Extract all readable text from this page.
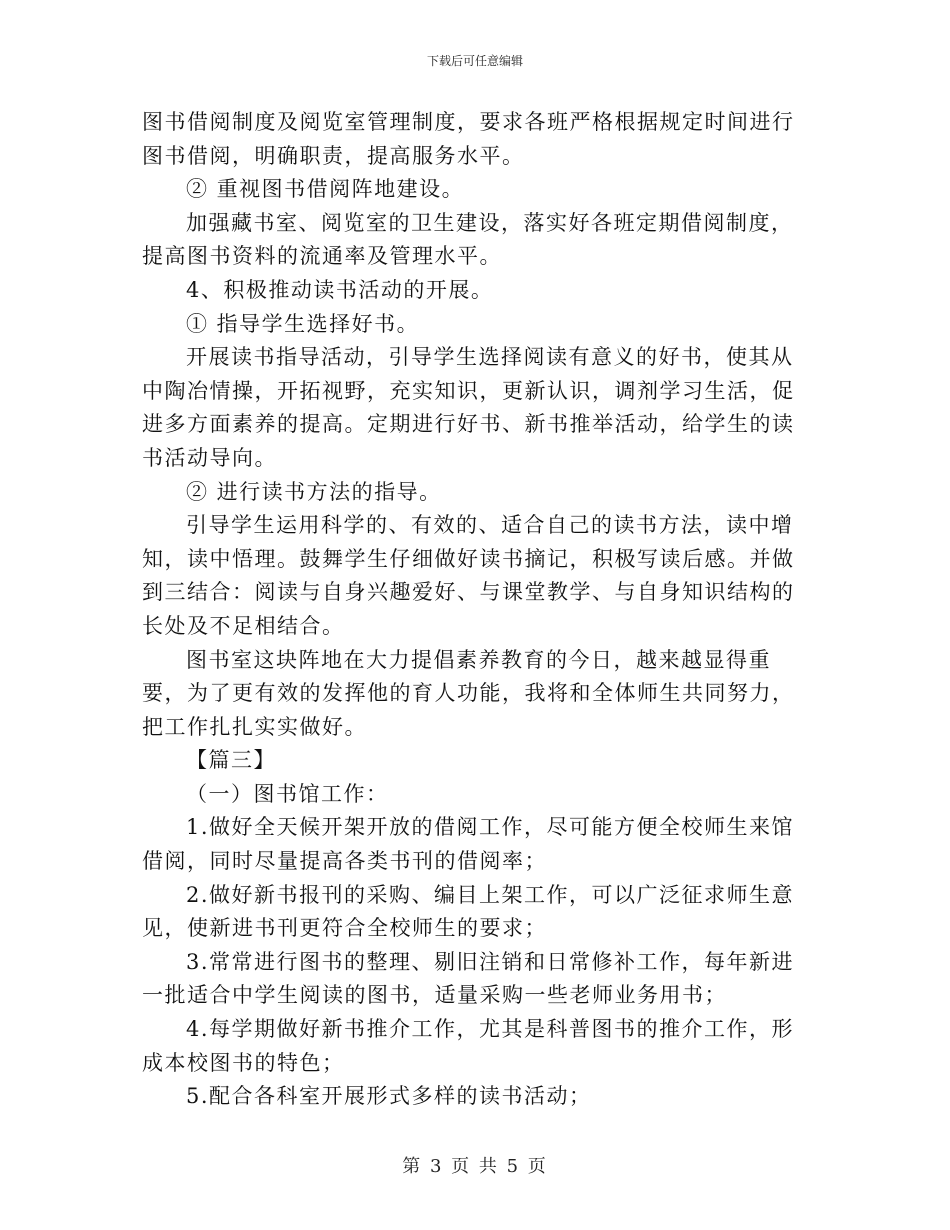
下载后可任意编辑

图书借阅制度及阅览室管理制度，要求各班严格根据规定时间进行图书借阅，明确职责，提高服务水平。

② 重视图书借阅阵地建设。

加强藏书室、阅览室的卫生建设，落实好各班定期借阅制度，提高图书资料的流通率及管理水平。

4、积极推动读书活动的开展。

① 指导学生选择好书。

开展读书指导活动，引导学生选择阅读有意义的好书，使其从中陶冶情操，开拓视野，充实知识，更新认识，调剂学习生活，促进多方面素养的提高。定期进行好书、新书推举活动，给学生的读书活动导向。

② 进行读书方法的指导。

引导学生运用科学的、有效的、适合自己的读书方法，读中增知，读中悟理。鼓舞学生仔细做好读书摘记，积极写读后感。并做到三结合：阅读与自身兴趣爱好、与课堂教学、与自身知识结构的长处及不足相结合。

图书室这块阵地在大力提倡素养教育的今日，越来越显得重要，为了更有效的发挥他的育人功能，我将和全体师生共同努力，把工作扎扎实实做好。

【篇三】

（一）图书馆工作：

1.做好全天候开架开放的借阅工作，尽可能方便全校师生来馆借阅，同时尽量提高各类书刊的借阅率；

2.做好新书报刊的采购、编目上架工作，可以广泛征求师生意见，使新进书刊更符合全校师生的要求；

3.常常进行图书的整理、剔旧注销和日常修补工作，每年新进一批适合中学生阅读的图书，适量采购一些老师业务用书；

4.每学期做好新书推介工作，尤其是科普图书的推介工作，形成本校图书的特色；

5.配合各科室开展形式多样的读书活动；

第 3 页 共 5 页
